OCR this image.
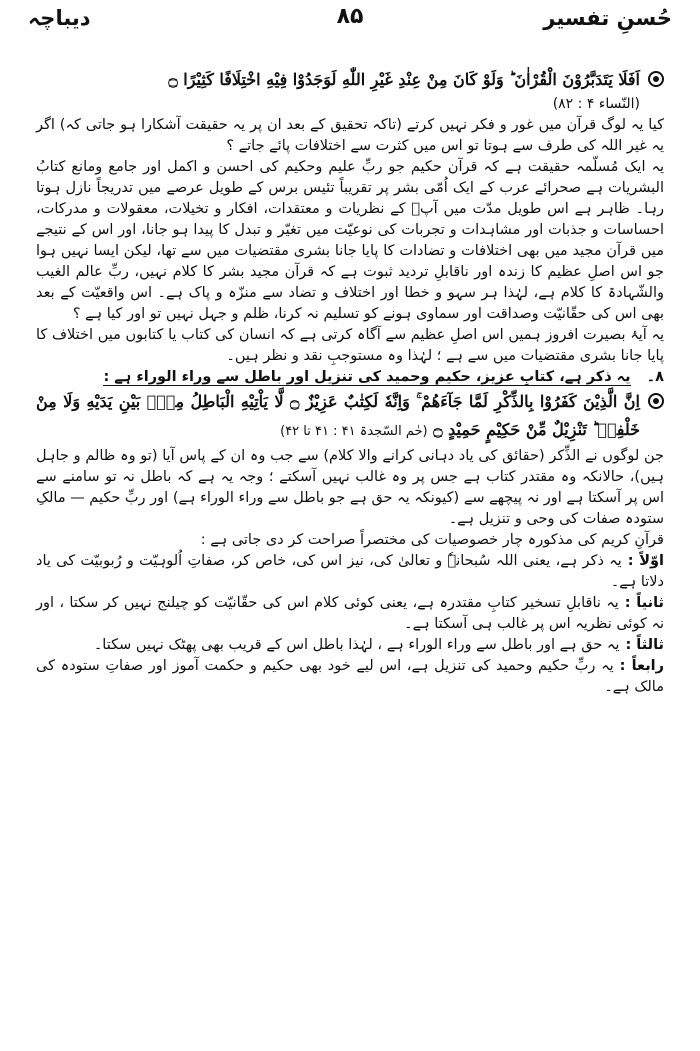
حُسنِ تفسیر
۸۵
دیباچہ

اَفَلَا یَتَدَبَّرُوْنَ الْقُرْاٰنَ ؕ وَلَوْ کَانَ مِنْ عِنْدِ غَیْرِ اللّٰهِ لَوَجَدُوْا فِیْهِ اخْتِلَافًا کَثِیْرًا ۝

(النّساء ۴ : ۸۲)

کیا یہ لوگ قرآن میں غور و فکر نہیں کرتے (تاکہ تحقیق کے بعد ان پر یہ حقیقت آشکارا ہو جاتی کہ) اگر یہ غیر اللہ کی طرف سے ہوتا تو اس میں کثرت سے اختلافات پائے جاتے ؟

یہ ایک مُسلّمہ حقیقت ہے کہ قرآن حکیم جو ربِّ علیم وحکیم کی احسن و اکمل اور جامع ومانع کتابُ البشریات ہے صحرائے عرب کے ایک اُمّی بشر پر تقریباً تئیس برس کے طویل عرصے میں تدریجاً نازل ہوتا رہا۔ ظاہر ہے اس طویل مدّت میں آپؐ کے نظریات و معتقدات، افکار و تخیلات، معقولات و مدرکات، احساسات و جذبات اور مشاہدات و تجربات کی نوعیّت میں تغیّر و تبدل کا پیدا ہو جانا، اور اس کے نتیجے میں قرآن مجید میں بھی اختلافات و تضادات کا پایا جانا بشری مقتضیات میں سے تھا، لیکن ایسا نہیں ہوا جو اس اصلِ عظیم کا زندہ اور ناقابلِ تردید ثبوت ہے کہ قرآن مجید بشر کا کلام نہیں، ربِّ عالم الغیب والشّہادۃ کا کلام ہے، لہٰذا ہر سہو و خطا اور اختلاف و تضاد سے منزّہ و پاک ہے۔ اس واقعیّت کے بعد بھی اس کی حقّانیّت وصداقت اور سماوی ہونے کو تسلیم نہ کرنا، ظلم و جہل نہیں تو اور کیا ہے ؟

یہ آیۂ بصیرت افروز ہمیں اس اصلِ عظیم سے آگاہ کرتی ہے کہ انسان کی کتاب یا کتابوں میں اختلاف کا پایا جانا بشری مقتضیات میں سے ہے ؛ لہٰذا وہ مستوجبِ نقد و نظر ہیں۔

۸۔یہ ذکر ہے، کتابِ عزیز، حکیم وحمید کی تنزیل اور باطل سے وراء الوراء ہے :

اِنَّ الَّذِیْنَ کَفَرُوْا بِالذِّکْرِ لَمَّا جَآءَهُمْ ۚ وَاِنَّهٗ لَکِتٰبٌ عَزِیْزٌ ۝ لَّا یَاْتِیْهِ الْبَاطِلُ مِنْۢ بَیْنِ یَدَیْهِ وَلَا مِنْ خَلْفِهٖ ؕ تَنْزِیْلٌ مِّنْ حَکِیْمٍ حَمِیْدٍ ۝ (حٰم السّجدۃ ۴۱ : ۴۱ تا ۴۲)

جن لوگوں نے الذِّکر (حقائق کی یاد دہانی کرانے والا کلام) سے جب وہ ان کے پاس آیا (تو وہ ظالم و جاہل ہیں)، حالانکہ وہ مقتدر کتاب ہے جس پر وہ غالب نہیں آسکتے ؛ وجہ یہ ہے کہ باطل نہ تو سامنے سے اس پر آسکتا ہے اور نہ پیچھے سے (کیونکہ یہ حق ہے جو باطل سے وراء الوراء ہے) اور ربِّ حکیم — مالکِ ستودہ صفات کی وحی و تنزیل ہے۔

قرآنِ کریم کی مذکورہ چار خصوصیات کی مختصراً صراحت کر دی جاتی ہے :

اوّلاً :یہ ذکر ہے، یعنی اللہ سُبحانہٗ و تعالیٰ کی، نیز اس کی، خاص کر، صفاتِ اُلوہیّت و رُبوبیّت کی یاد دلاتا ہے۔

ثانیاً :یہ ناقابلِ تسخیر کتابِ مقتدرہ ہے، یعنی کوئی کلام اس کی حقّانیّت کو چیلنج نہیں کر سکتا ، اور نہ کوئی نظریہ اس پر غالب ہی آسکتا ہے۔

ثالثاً :یہ حق ہے اور باطل سے وراء الوراء ہے ، لہٰذا باطل اس کے قریب بھی پھٹک نہیں سکتا۔

رابعاً :یہ ربِّ حکیم وحمید کی تنزیل ہے، اس لیے خود بھی حکیم و حکمت آموز اور صفاتِ ستودہ کی مالک ہے۔
